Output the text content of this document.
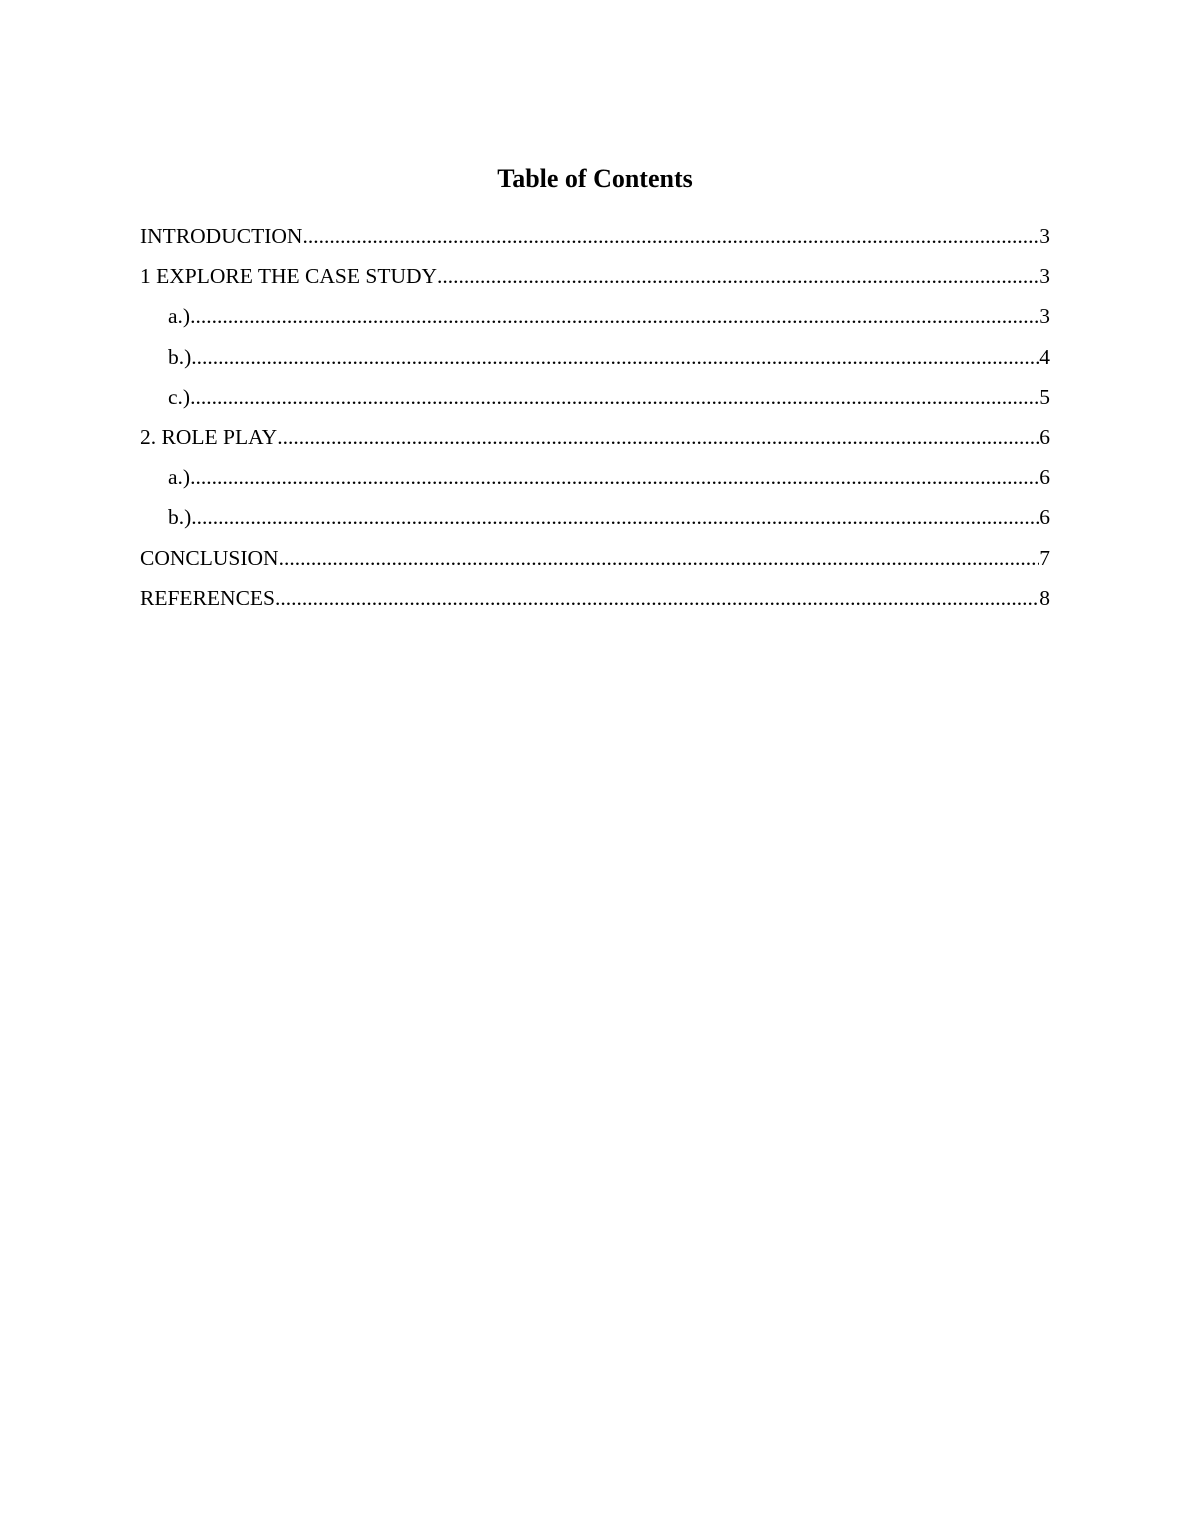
Table of Contents
INTRODUCTION .....	3
1 EXPLORE THE CASE STUDY .....	3
a.) .....	3
b.) .....	4
c.) .....	5
2. ROLE PLAY .....	6
a.) .....	6
b.) .....	6
CONCLUSION .....	7
REFERENCES .....	8
